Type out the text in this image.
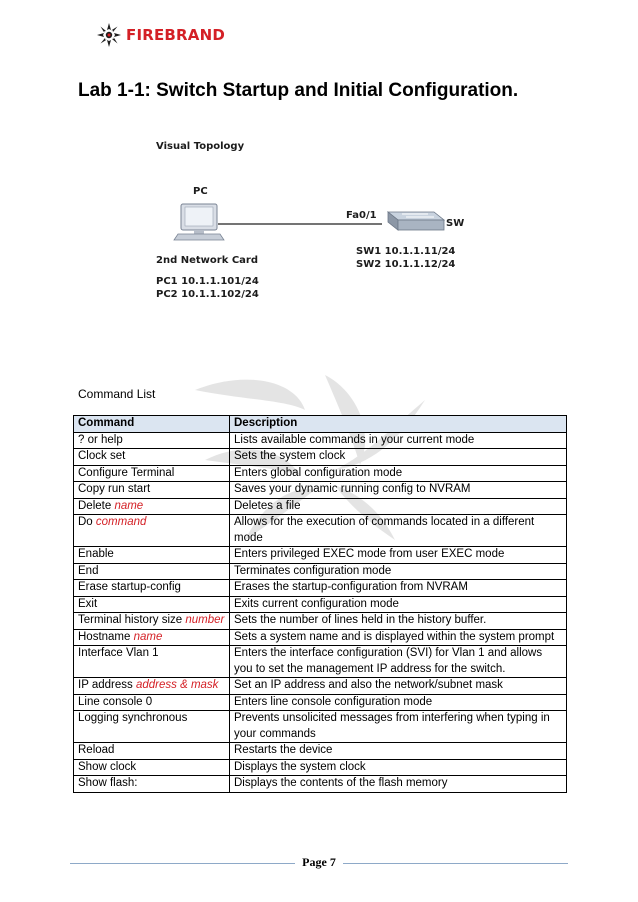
FIREBRAND
Lab 1-1: Switch Startup and Initial Configuration.
Visual Topology
PC
Fa0/1
SW
SW1 10.1.1.11/24
SW2 10.1.1.12/24
2nd Network Card
PC1 10.1.1.101/24
PC2 10.1.1.102/24
Command List
Command	Description
? or help	Lists available commands in your current mode
Clock set	Sets the system clock
Configure Terminal	Enters global configuration mode
Copy run start	Saves your dynamic running config to NVRAM
Delete name	Deletes a file
Do command	Allows for the execution of commands located in a different mode
Enable	Enters privileged EXEC mode from user EXEC mode
End	Terminates configuration mode
Erase startup-config	Erases the startup-configuration from NVRAM
Exit	Exits current configuration mode
Terminal history size number	Sets the number of lines held in the history buffer.
Hostname name	Sets a system name and is displayed within the system prompt
Interface Vlan 1	Enters the interface configuration (SVI) for Vlan 1 and allows you to set the management IP address for the switch.
IP address address & mask	Set an IP address and also the network/subnet mask
Line console 0	Enters line console configuration mode
Logging synchronous	Prevents unsolicited messages from interfering when typing in your commands
Reload	Restarts the device
Show clock	Displays the system clock
Show flash:	Displays the contents of the flash memory
Page 7
